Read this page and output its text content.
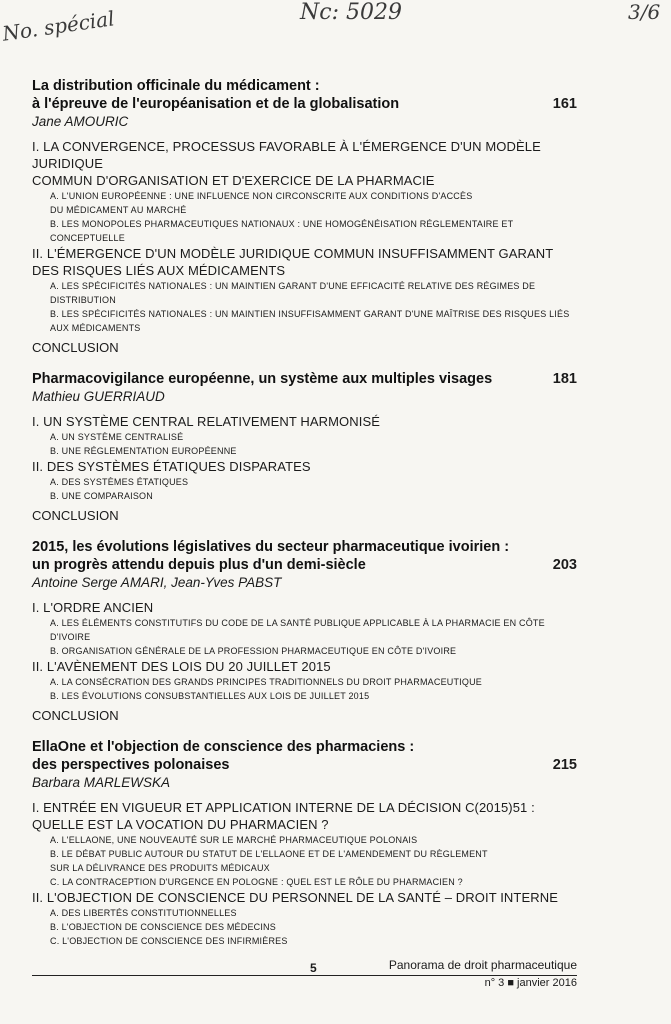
No. spécial	Nc: 5029	3/6
La distribution officinale du médicament :
à l'épreuve de l'européanisation et de la globalisation	161
Jane AMOURIC
I. LA CONVERGENCE, PROCESSUS FAVORABLE À L'ÉMERGENCE D'UN MODÈLE JURIDIQUE
COMMUN D'ORGANISATION ET D'EXERCICE DE LA PHARMACIE
A. L'UNION EUROPÉENNE : UNE INFLUENCE NON CIRCONSCRITE AUX CONDITIONS D'ACCÈS
DU MÉDICAMENT AU MARCHÉ
B. LES MONOPOLES PHARMACEUTIQUES NATIONAUX : UNE HOMOGÉNÉISATION RÉGLEMENTAIRE ET CONCEPTUELLE
II. L'ÉMERGENCE D'UN MODÈLE JURIDIQUE COMMUN INSUFFISAMMENT GARANT
DES RISQUES LIÉS AUX MÉDICAMENTS
A. LES SPÉCIFICITÉS NATIONALES : UN MAINTIEN GARANT D'UNE EFFICACITÉ RELATIVE DES RÉGIMES DE DISTRIBUTION
B. LES SPÉCIFICITÉS NATIONALES : UN MAINTIEN INSUFFISAMMENT GARANT D'UNE MAÎTRISE DES RISQUES LIÉS
AUX MÉDICAMENTS
CONCLUSION
Pharmacovigilance européenne, un système aux multiples visages	181
Mathieu GUERRIAUD
I. UN SYSTÈME CENTRAL RELATIVEMENT HARMONISÉ
A. UN SYSTÈME CENTRALISÉ
B. UNE RÉGLEMENTATION EUROPÉENNE
II. DES SYSTÈMES ÉTATIQUES DISPARATES
A. DES SYSTÈMES ÉTATIQUES
B. UNE COMPARAISON
CONCLUSION
2015, les évolutions législatives du secteur pharmaceutique ivoirien :
un progrès attendu depuis plus d'un demi-siècle	203
Antoine Serge AMARI, Jean-Yves PABST
I. L'ORDRE ANCIEN
A. LES ÉLÉMENTS CONSTITUTIFS DU CODE DE LA SANTÉ PUBLIQUE APPLICABLE À LA PHARMACIE EN CÔTE D'IVOIRE
B. ORGANISATION GÉNÉRALE DE LA PROFESSION PHARMACEUTIQUE EN CÔTE D'IVOIRE
II. L'AVÈNEMENT DES LOIS DU 20 JUILLET 2015
A. LA CONSÉCRATION DES GRANDS PRINCIPES TRADITIONNELS DU DROIT PHARMACEUTIQUE
B. LES ÉVOLUTIONS CONSUBSTANTIELLES AUX LOIS DE JUILLET 2015
CONCLUSION
EllaOne et l'objection de conscience des pharmaciens :
des perspectives polonaises	215
Barbara MARLEWSKA
I. ENTRÉE EN VIGUEUR ET APPLICATION INTERNE DE LA DÉCISION C(2015)51 :
QUELLE EST LA VOCATION DU PHARMACIEN ?
A. L'ELLAONE, UNE NOUVEAUTÉ SUR LE MARCHÉ PHARMACEUTIQUE POLONAIS
B. LE DÉBAT PUBLIC AUTOUR DU STATUT DE L'ELLAONE ET DE L'AMENDEMENT DU RÈGLEMENT
SUR LA DÉLIVRANCE DES PRODUITS MÉDICAUX
C. LA CONTRACEPTION D'URGENCE EN POLOGNE : QUEL EST LE RÔLE DU PHARMACIEN ?
II. L'OBJECTION DE CONSCIENCE DU PERSONNEL DE LA SANTÉ – DROIT INTERNE
A. DES LIBERTÉS CONSTITUTIONNELLES
B. L'OBJECTION DE CONSCIENCE DES MÉDECINS
C. L'OBJECTION DE CONSCIENCE DES INFIRMIÈRES
5	Panorama de droit pharmaceutique
n° 3 ■ janvier 2016
